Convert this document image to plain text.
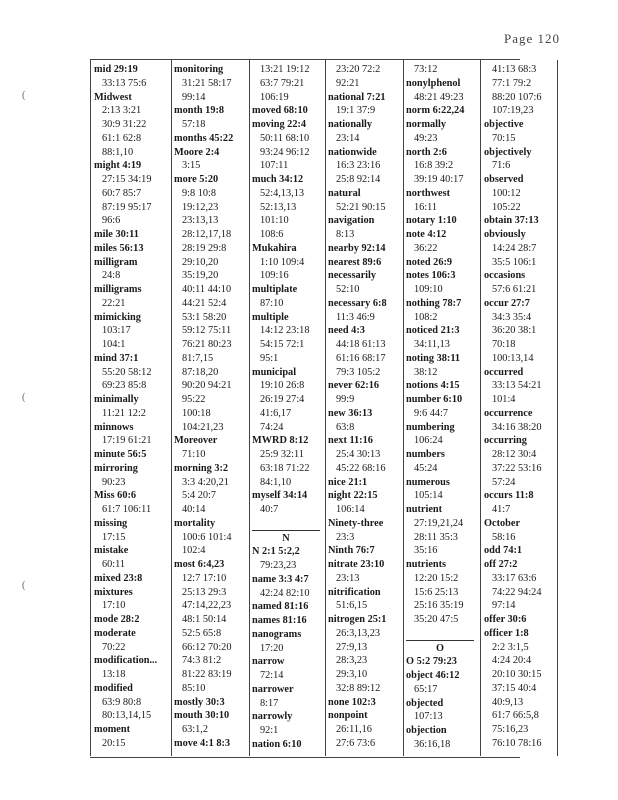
Page 120
(
(
(
mid 29:19
33:13 75:6
Midwest
2:13 3:21
30:9 31:22
61:1 62:8
88:1,10
might 4:19
27:15 34:19
60:7 85:7
87:19 95:17
96:6
mile 30:11
miles 56:13
milligram
24:8
milligrams
22:21
mimicking
103:17
104:1
mind 37:1
55:20 58:12
69:23 85:8
minimally
11:21 12:2
minnows
17:19 61:21
minute 56:5
mirroring
90:23
Miss 60:6
61:7 106:11
missing
17:15
mistake
60:11
mixed 23:8
mixtures
17:10
mode 28:2
moderate
70:22
modification...
13:18
modified
63:9 80:8
80:13,14,15
moment
20:15
monitoring
31:21 58:17
99:14
month 19:8
57:18
months 45:22
Moore 2:4
3:15
more 5:20
9:8 10:8
19:12,23
23:13,13
28:12,17,18
28:19 29:8
29:10,20
35:19,20
40:11 44:10
44:21 52:4
53:1 58:20
59:12 75:11
76:21 80:23
81:7,15
87:18,20
90:20 94:21
95:22
100:18
104:21,23
Moreover
71:10
morning 3:2
3:3 4:20,21
5:4 20:7
40:14
mortality
100:6 101:4
102:4
most 6:4,23
12:7 17:10
25:13 29:3
47:14,22,23
48:1 50:14
52:5 65:8
66:12 70:20
74:3 81:2
81:22 83:19
85:10
mostly 30:3
mouth 30:10
63:1,2
move 4:1 8:3
13:21 19:12
63:7 79:21
106:19
moved 68:10
moving 22:4
50:11 68:10
93:24 96:12
107:11
much 34:12
52:4,13,13
52:13,13
101:10
108:6
Mukahira
1:10 109:4
109:16
multiplate
87:10
multiple
14:12 23:18
54:15 72:1
95:1
municipal
19:10 26:8
26:19 27:4
41:6,17
74:24
MWRD 8:12
25:9 32:11
63:18 71:22
84:1,10
myself 34:14
40:7
N
N 2:1 5:2,2
79:23,23
name 3:3 4:7
42:24 82:10
named 81:16
names 81:16
nanograms
17:20
narrow
72:14
narrower
8:17
narrowly
92:1
nation 6:10
23:20 72:2
92:21
national 7:21
19:1 37:9
nationally
23:14
nationwide
16:3 23:16
25:8 92:14
natural
52:21 90:15
navigation
8:13
nearby 92:14
nearest 89:6
necessarily
52:10
necessary 6:8
11:3 46:9
need 4:3
44:18 61:13
61:16 68:17
79:3 105:2
never 62:16
99:9
new 36:13
63:8
next 11:16
25:4 30:13
45:22 68:16
nice 21:1
night 22:15
106:14
Ninety-three
23:3
Ninth 76:7
nitrate 23:10
23:13
nitrification
51:6,15
nitrogen 25:1
26:3,13,23
27:9,13
28:3,23
29:3,10
32:8 89:12
none 102:3
nonpoint
26:11,16
27:6 73:6
73:12
nonylphenol
48:21 49:23
norm 6:22,24
normally
49:23
north 2:6
16:8 39:2
39:19 40:17
northwest
16:11
notary 1:10
note 4:12
36:22
noted 26:9
notes 106:3
109:10
nothing 78:7
108:2
noticed 21:3
34:11,13
noting 38:11
38:12
notions 4:15
number 6:10
9:6 44:7
numbering
106:24
numbers
45:24
numerous
105:14
nutrient
27:19,21,24
28:11 35:3
35:16
nutrients
12:20 15:2
15:6 25:13
25:16 35:19
35:20 47:5
O
O 5:2 79:23
object 46:12
65:17
objected
107:13
objection
36:16,18
41:13 68:3
77:1 79:2
88:20 107:6
107:19,23
objective
70:15
objectively
71:6
observed
100:12
105:22
obtain 37:13
obviously
14:24 28:7
35:5 106:1
occasions
57:6 61:21
occur 27:7
34:3 35:4
36:20 38:1
70:18
100:13,14
occurred
33:13 54:21
101:4
occurrence
34:16 38:20
occurring
28:12 30:4
37:22 53:16
57:24
occurs 11:8
41:7
October
58:16
odd 74:1
off 27:2
33:17 63:6
74:22 94:24
97:14
offer 30:6
officer 1:8
2:2 3:1,5
4:24 20:4
20:10 30:15
37:15 40:4
40:9,13
61:7 66:5,8
75:16,23
76:10 78:16
